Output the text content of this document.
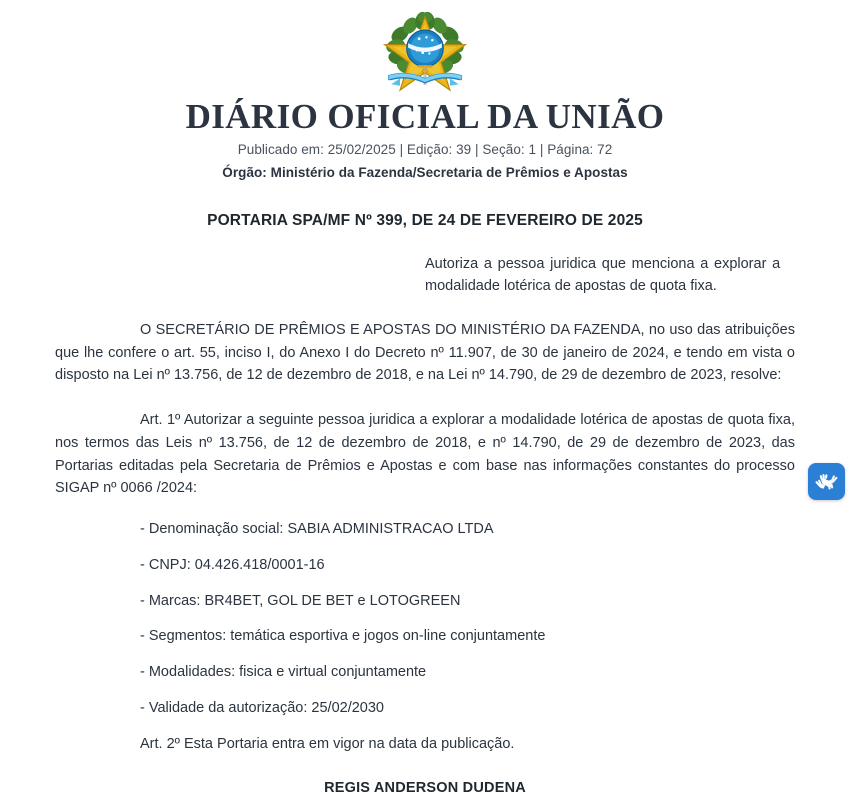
DIÁRIO OFICIAL DA UNIÃO
Publicado em: 25/02/2025 | Edição: 39 | Seção: 1 | Página: 72
Órgão: Ministério da Fazenda/Secretaria de Prêmios e Apostas
PORTARIA SPA/MF Nº 399, DE 24 DE FEVEREIRO DE 2025

Autoriza a pessoa juridica que menciona a explorar a modalidade lotérica de apostas de quota fixa.

O SECRETÁRIO DE PRÊMIOS E APOSTAS DO MINISTÉRIO DA FAZENDA, no uso das atribuições que lhe confere o art. 55, inciso I, do Anexo I do Decreto nº 11.907, de 30 de janeiro de 2024, e tendo em vista o disposto na Lei nº 13.756, de 12 de dezembro de 2018, e na Lei nº 14.790, de 29 de dezembro de 2023, resolve:

Art. 1º Autorizar a seguinte pessoa juridica a explorar a modalidade lotérica de apostas de quota fixa, nos termos das Leis nº 13.756, de 12 de dezembro de 2018, e nº 14.790, de 29 de dezembro de 2023, das Portarias editadas pela Secretaria de Prêmios e Apostas e com base nas informações constantes do processo SIGAP nº 0066 /2024:

- Denominação social: SABIA ADMINISTRACAO LTDA
- CNPJ: 04.426.418/0001-16
- Marcas: BR4BET, GOL DE BET e LOTOGREEN
- Segmentos: temática esportiva e jogos on-line conjuntamente
- Modalidades: fisica e virtual conjuntamente
- Validade da autorização: 25/02/2030

Art. 2º Esta Portaria entra em vigor na data da publicação.

REGIS ANDERSON DUDENA
